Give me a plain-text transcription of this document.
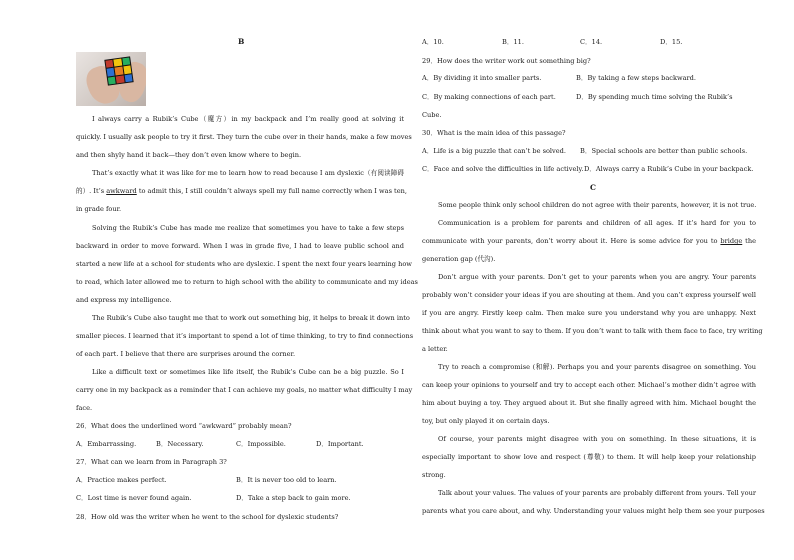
B
I always carry a Rubik’s Cube（魔方）in my backpack and I’m really good at solving it
quickly. I usually ask people to try it first. They turn the cube over in their hands, make a few moves
and then shyly hand it back—they don’t even know where to begin.
That’s exactly what it was like for me to learn how to read because I am dyslexic（有阅读障碍
的）. It’s awkward to admit this, I still couldn’t always spell my full name correctly when I was ten,
in grade four.
Solving the Rubik’s Cube has made me realize that sometimes you have to take a few steps
backward in order to move forward. When I was in grade five, I had to leave public school and
started a new life at a school for students who are dyslexic. I spent the next four years learning how
to read, which later allowed me to return to high school with the ability to communicate and my ideas
and express my intelligence.
The Rubik’s Cube also taught me that to work out something big, it helps to break it down into
smaller pieces. I learned that it’s important to spend a lot of time thinking, to try to find connections
of each part. I believe that there are surprises around the corner.
Like a difficult text or sometimes like life itself, the Rubik’s Cube can be a big puzzle. So I
carry one in my backpack as a reminder that I can achieve my goals, no matter what difficulty I may
face.
26．What does the underlined word “awkward” probably mean?
A．Embarrassing.	B．Necessary.	C．Impossible.	D．Important.
27．What can we learn from in Paragraph 3?
A．Practice makes perfect.	B．It is never too old to learn.
C．Lost time is never found again.	D．Take a step back to gain more.
28．How old was the writer when he went to the school for dyslexic students?
A．10.	B．11.	C．14.	D．15.
29．How does the writer work out something big?
A．By dividing it into smaller parts.	B．By taking a few steps backward.
C．By making connections of each part.	D．By spending much time solving the Rubik’s
Cube.
30．What is the main idea of this passage?
A．Life is a big puzzle that can’t be solved. B．Special schools are better than public schools.
C．Face and solve the difficulties in life actively. D．Always carry a Rubik’s Cube in your backpack.
C
Some people think only school children do not agree with their parents, however, it is not true.
Communication is a problem for parents and children of all ages. If it’s hard for you to
communicate with your parents, don’t worry about it. Here is some advice for you to bridge the
generation gap (代沟).
Don’t argue with your parents. Don’t get to your parents when you are angry. Your parents
probably won’t consider your ideas if you are shouting at them. And you can’t express yourself well
if you are angry. Firstly keep calm. Then make sure you understand why you are unhappy. Next
think about what you want to say to them. If you don’t want to talk with them face to face, try writing
a letter.
Try to reach a compromise (和解). Perhaps you and your parents disagree on something. You
can keep your opinions to yourself and try to accept each other. Michael’s mother didn’t agree with
him about buying a toy. They argued about it. But she finally agreed with him. Michael bought the
toy, but only played it on certain days.
Of course, your parents might disagree with you on something. In these situations, it is
especially important to show love and respect (尊敬) to them. It will help keep your relationship
strong.
Talk about your values. The values of your parents are probably different from yours. Tell your
parents what you care about, and why. Understanding your values might help them see your purposes
